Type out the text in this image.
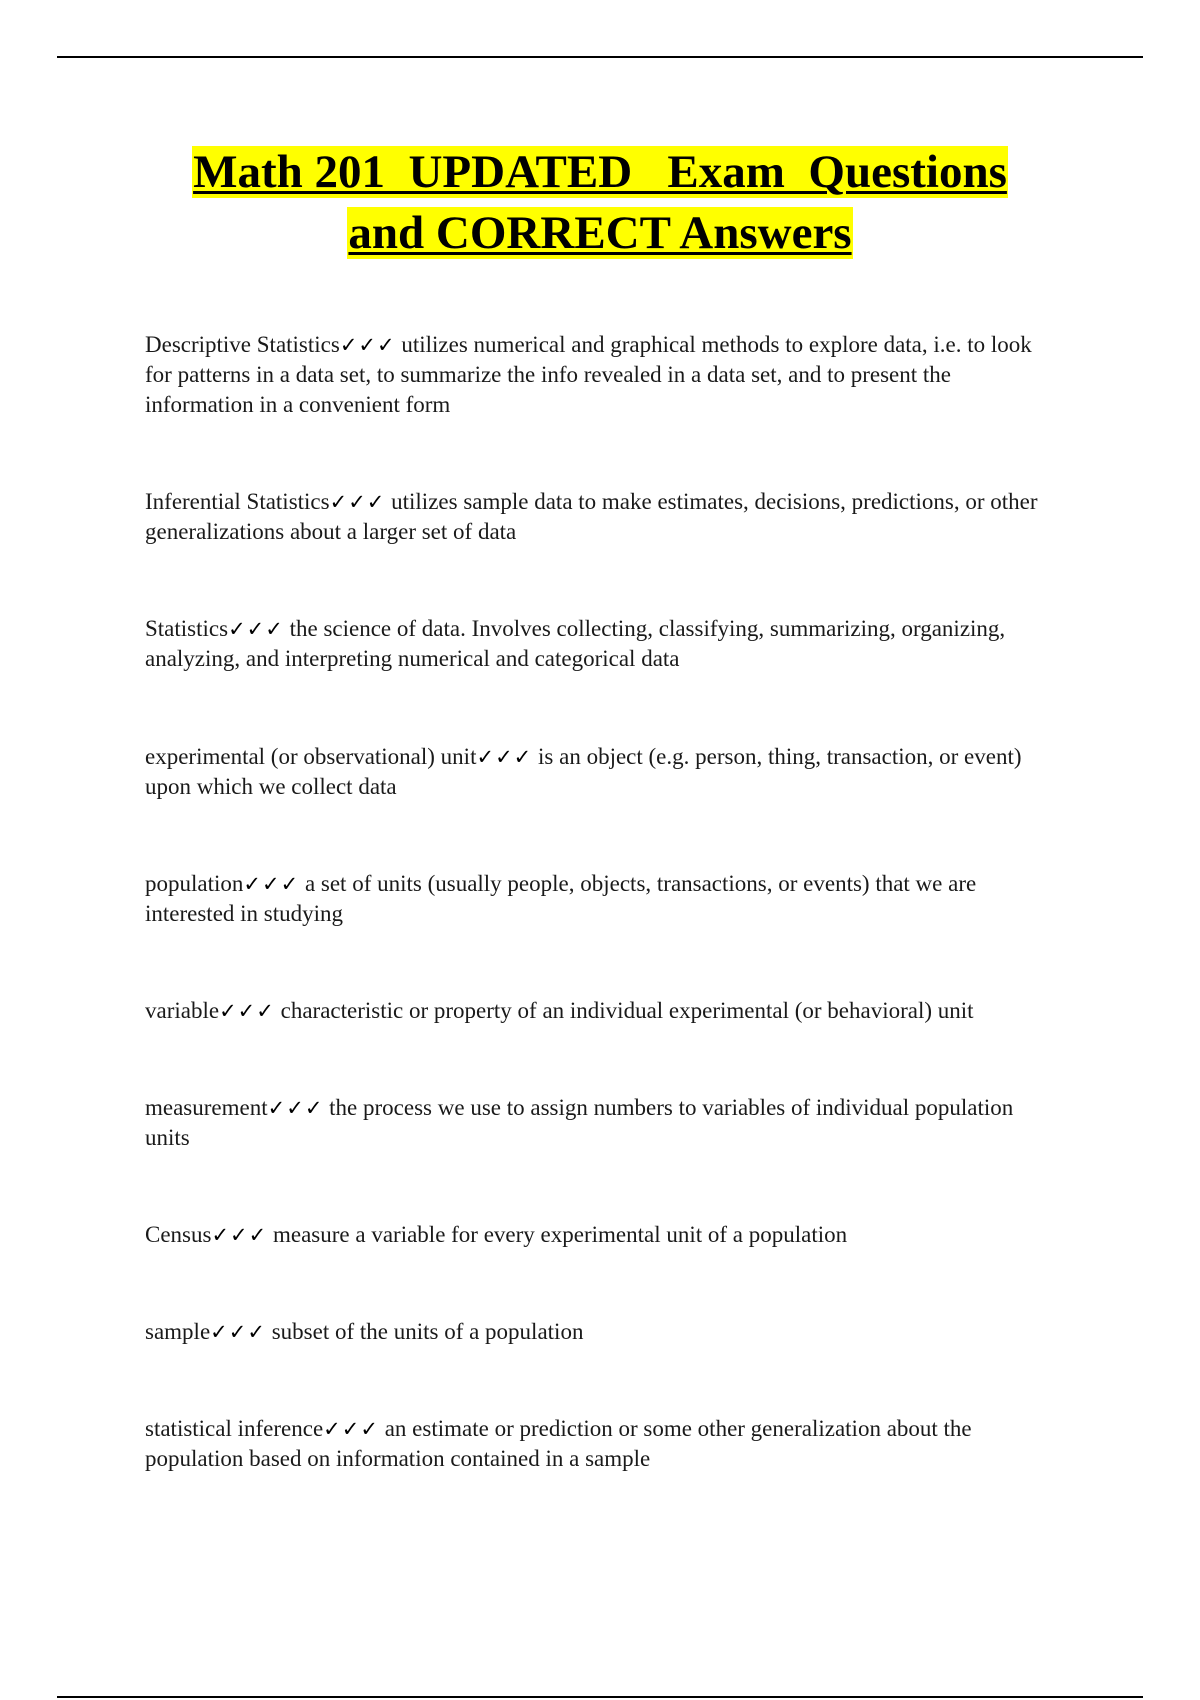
Math 201  UPDATED   Exam  Questions
and CORRECT Answers

Descriptive Statistics✓✓✓ utilizes numerical and graphical methods to explore data, i.e. to look for patterns in a data set, to summarize the info revealed in a data set, and to present the information in a convenient form

Inferential Statistics✓✓✓ utilizes sample data to make estimates, decisions, predictions, or other generalizations about a larger set of data

Statistics✓✓✓ the science of data. Involves collecting, classifying, summarizing, organizing, analyzing, and interpreting numerical and categorical data

experimental (or observational) unit✓✓✓ is an object (e.g. person, thing, transaction, or event) upon which we collect data

population✓✓✓ a set of units (usually people, objects, transactions, or events) that we are interested in studying

variable✓✓✓ characteristic or property of an individual experimental (or behavioral) unit

measurement✓✓✓ the process we use to assign numbers to variables of individual population units

Census✓✓✓ measure a variable for every experimental unit of a population

sample✓✓✓ subset of the units of a population

statistical inference✓✓✓ an estimate or prediction or some other generalization about the population based on information contained in a sample
